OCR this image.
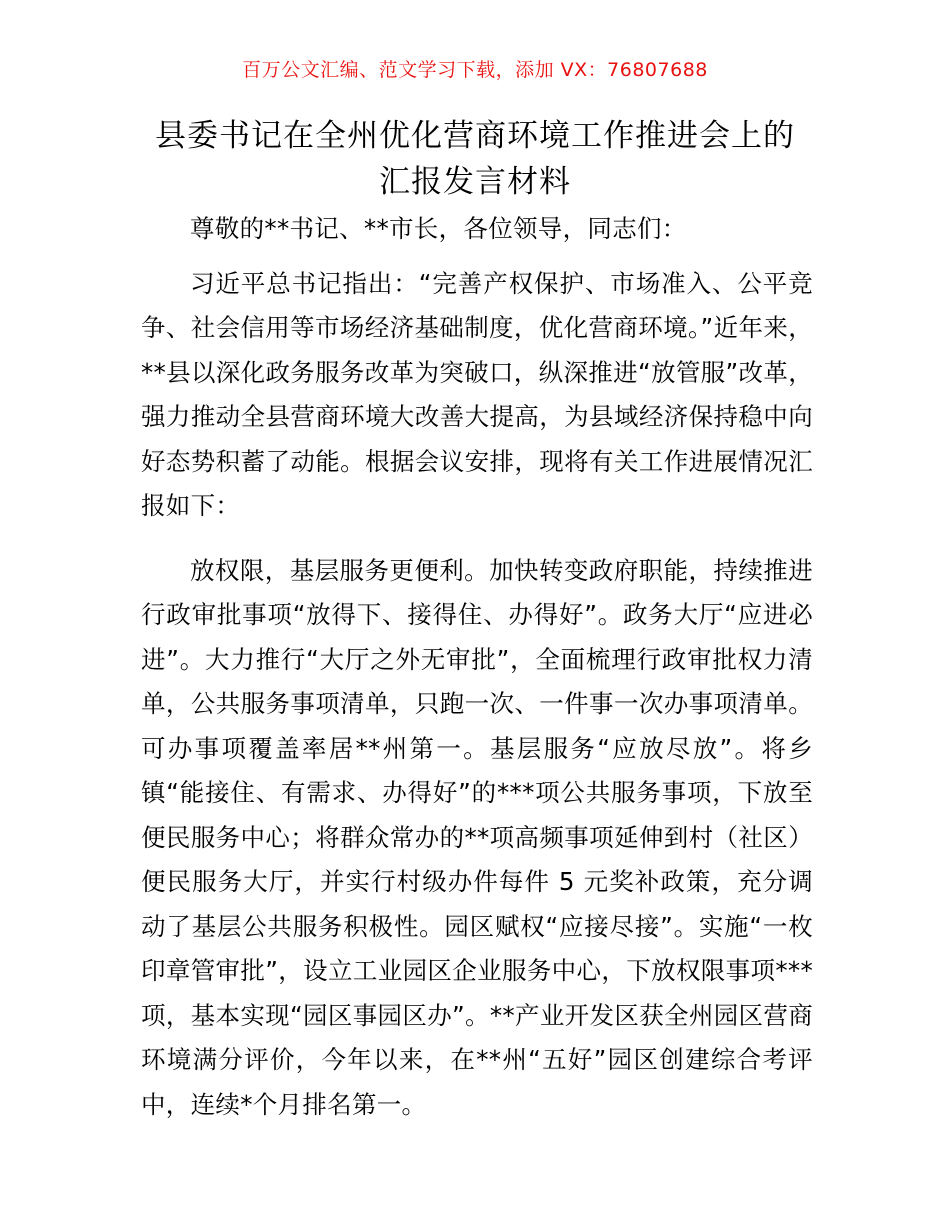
百万公文汇编、范文学习下载，添加 VX：76807688
县委书记在全州优化营商环境工作推进会上的
汇报发言材料

尊敬的**书记、**市长，各位领导，同志们：

习近平总书记指出：“完善产权保护、市场准入、公平竞争、社会信用等市场经济基础制度，优化营商环境。”近年来，**县以深化政务服务改革为突破口，纵深推进“放管服”改革，强力推动全县营商环境大改善大提高，为县域经济保持稳中向好态势积蓄了动能。根据会议安排，现将有关工作进展情况汇报如下：

放权限，基层服务更便利。加快转变政府职能，持续推进行政审批事项“放得下、接得住、办得好”。政务大厅“应进必进”。大力推行“大厅之外无审批”，全面梳理行政审批权力清单，公共服务事项清单，只跑一次、一件事一次办事项清单。可办事项覆盖率居**州第一。基层服务“应放尽放”。将乡镇“能接住、有需求、办得好”的***项公共服务事项，下放至便民服务中心；将群众常办的**项高频事项延伸到村（社区）便民服务大厅，并实行村级办件每件 5 元奖补政策，充分调动了基层公共服务积极性。园区赋权“应接尽接”。实施“一枚印章管审批”，设立工业园区企业服务中心，下放权限事项***项，基本实现“园区事园区办”。**产业开发区获全州园区营商环境满分评价，今年以来，在**州“五好”园区创建综合考评中，连续*个月排名第一。
